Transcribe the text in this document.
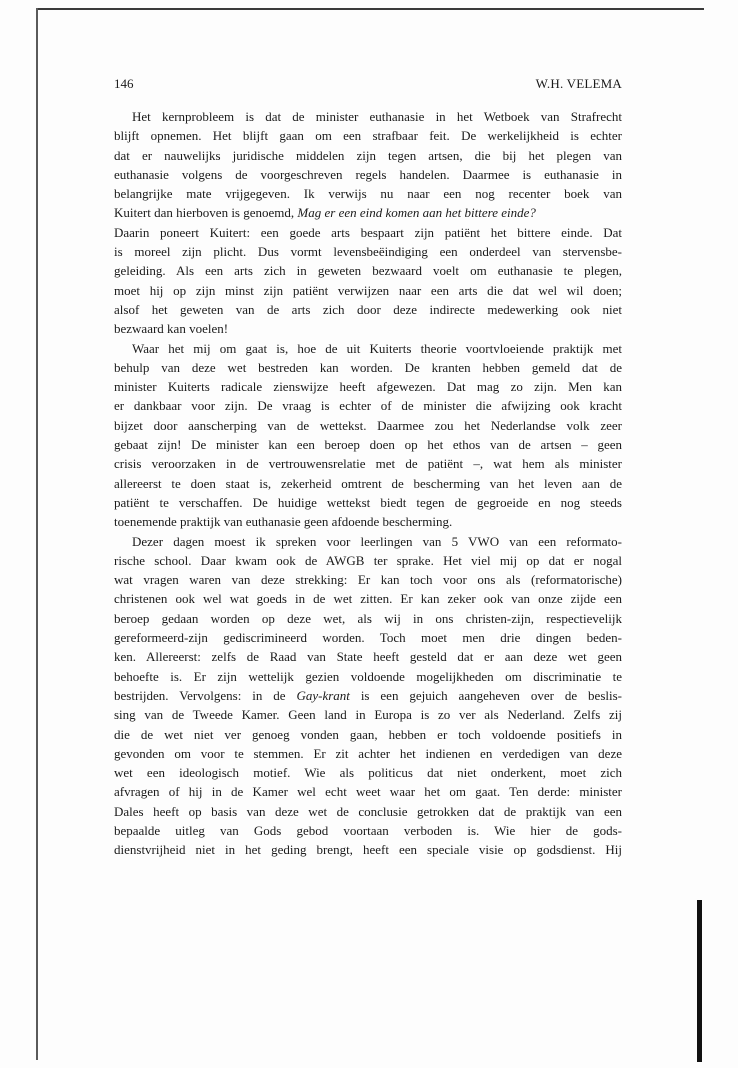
146	W.H. VELEMA
Het kernprobleem is dat de minister euthanasie in het Wetboek van Strafrecht
blijft opnemen. Het blijft gaan om een strafbaar feit. De werkelijkheid is echter
dat er nauwelijks juridische middelen zijn tegen artsen, die bij het plegen van
euthanasie volgens de voorgeschreven regels handelen. Daarmee is euthanasie in
belangrijke mate vrijgegeven. Ik verwijs nu naar een nog recenter boek van
Kuitert dan hierboven is genoemd, Mag er een eind komen aan het bittere einde?
Daarin poneert Kuitert: een goede arts bespaart zijn patiënt het bittere einde. Dat
is moreel zijn plicht. Dus vormt levensbeëindiging een onderdeel van stervensbe-
geleiding. Als een arts zich in geweten bezwaard voelt om euthanasie te plegen,
moet hij op zijn minst zijn patiënt verwijzen naar een arts die dat wel wil doen;
alsof het geweten van de arts zich door deze indirecte medewerking ook niet
bezwaard kan voelen!
Waar het mij om gaat is, hoe de uit Kuiterts theorie voortvloeiende praktijk met
behulp van deze wet bestreden kan worden. De kranten hebben gemeld dat de
minister Kuiterts radicale zienswijze heeft afgewezen. Dat mag zo zijn. Men kan
er dankbaar voor zijn. De vraag is echter of de minister die afwijzing ook kracht
bijzet door aanscherping van de wettekst. Daarmee zou het Nederlandse volk zeer
gebaat zijn! De minister kan een beroep doen op het ethos van de artsen – geen
crisis veroorzaken in de vertrouwensrelatie met de patiënt –, wat hem als minister
allereerst te doen staat is, zekerheid omtrent de bescherming van het leven aan de
patiënt te verschaffen. De huidige wettekst biedt tegen de gegroeide en nog steeds
toenemende praktijk van euthanasie geen afdoende bescherming.
Dezer dagen moest ik spreken voor leerlingen van 5 VWO van een reformato-
rische school. Daar kwam ook de AWGB ter sprake. Het viel mij op dat er nogal
wat vragen waren van deze strekking: Er kan toch voor ons als (reformatorische)
christenen ook wel wat goeds in de wet zitten. Er kan zeker ook van onze zijde een
beroep gedaan worden op deze wet, als wij in ons christen-zijn, respectievelijk
gereformeerd-zijn gediscrimineerd worden. Toch moet men drie dingen beden-
ken. Allereerst: zelfs de Raad van State heeft gesteld dat er aan deze wet geen
behoefte is. Er zijn wettelijk gezien voldoende mogelijkheden om discriminatie te
bestrijden. Vervolgens: in de Gay-krant is een gejuich aangeheven over de beslis-
sing van de Tweede Kamer. Geen land in Europa is zo ver als Nederland. Zelfs zij
die de wet niet ver genoeg vonden gaan, hebben er toch voldoende positiefs in
gevonden om voor te stemmen. Er zit achter het indienen en verdedigen van deze
wet een ideologisch motief. Wie als politicus dat niet onderkent, moet zich
afvragen of hij in de Kamer wel echt weet waar het om gaat. Ten derde: minister
Dales heeft op basis van deze wet de conclusie getrokken dat de praktijk van een
bepaalde uitleg van Gods gebod voortaan verboden is. Wie hier de gods-
dienstvrijheid niet in het geding brengt, heeft een speciale visie op godsdienst. Hij
